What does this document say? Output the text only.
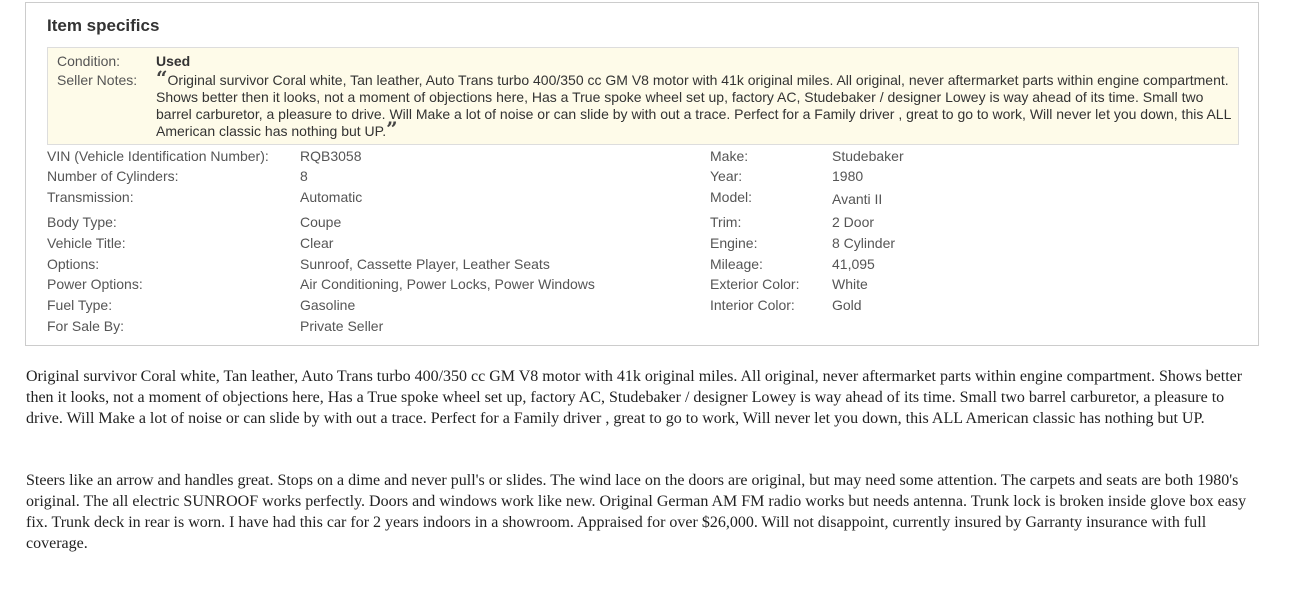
Item specifics
Condition:	Used
Seller Notes: “Original survivor Coral white, Tan leather, Auto Trans turbo 400/350 cc GM V8 motor with 41k original miles. All original, never aftermarket parts within engine compartment. Shows better then it looks, not a moment of objections here, Has a True spoke wheel set up, factory AC, Studebaker / designer Lowey is way ahead of its time. Small two barrel carburetor, a pleasure to drive. Will Make a lot of noise or can slide by with out a trace. Perfect for a Family driver , great to go to work, Will never let you down, this ALL American classic has nothing but UP.”
VIN (Vehicle Identification Number): RQB3058
Number of Cylinders:	8
Transmission:	Automatic
Body Type:	Coupe
Vehicle Title:	Clear
Options:	Sunroof, Cassette Player, Leather Seats
Power Options:	Air Conditioning, Power Locks, Power Windows
Fuel Type:	Gasoline
For Sale By:	Private Seller
Make:	Studebaker
Year:	1980
Model:	Avanti II
Trim:	2 Door
Engine:	8 Cylinder
Mileage:	41,095
Exterior Color: White
Interior Color:	Gold

Original survivor Coral white, Tan leather, Auto Trans turbo 400/350 cc GM V8 motor with 41k original miles. All original, never aftermarket parts within engine compartment. Shows better then it looks, not a moment of objections here, Has a True spoke wheel set up, factory AC, Studebaker / designer Lowey is way ahead of its time. Small two barrel carburetor, a pleasure to drive. Will Make a lot of noise or can slide by with out a trace. Perfect for a Family driver , great to go to work, Will never let you down, this ALL American classic has nothing but UP.

Steers like an arrow and handles great. Stops on a dime and never pull's or slides. The wind lace on the doors are original, but may need some attention. The carpets and seats are both 1980's original. The all electric SUNROOF works perfectly. Doors and windows work like new. Original German AM FM radio works but needs antenna. Trunk lock is broken inside glove box easy fix. Trunk deck in rear is worn. I have had this car for 2 years indoors in a showroom. Appraised for over $26,000. Will not disappoint, currently insured by Garranty insurance with full coverage.
